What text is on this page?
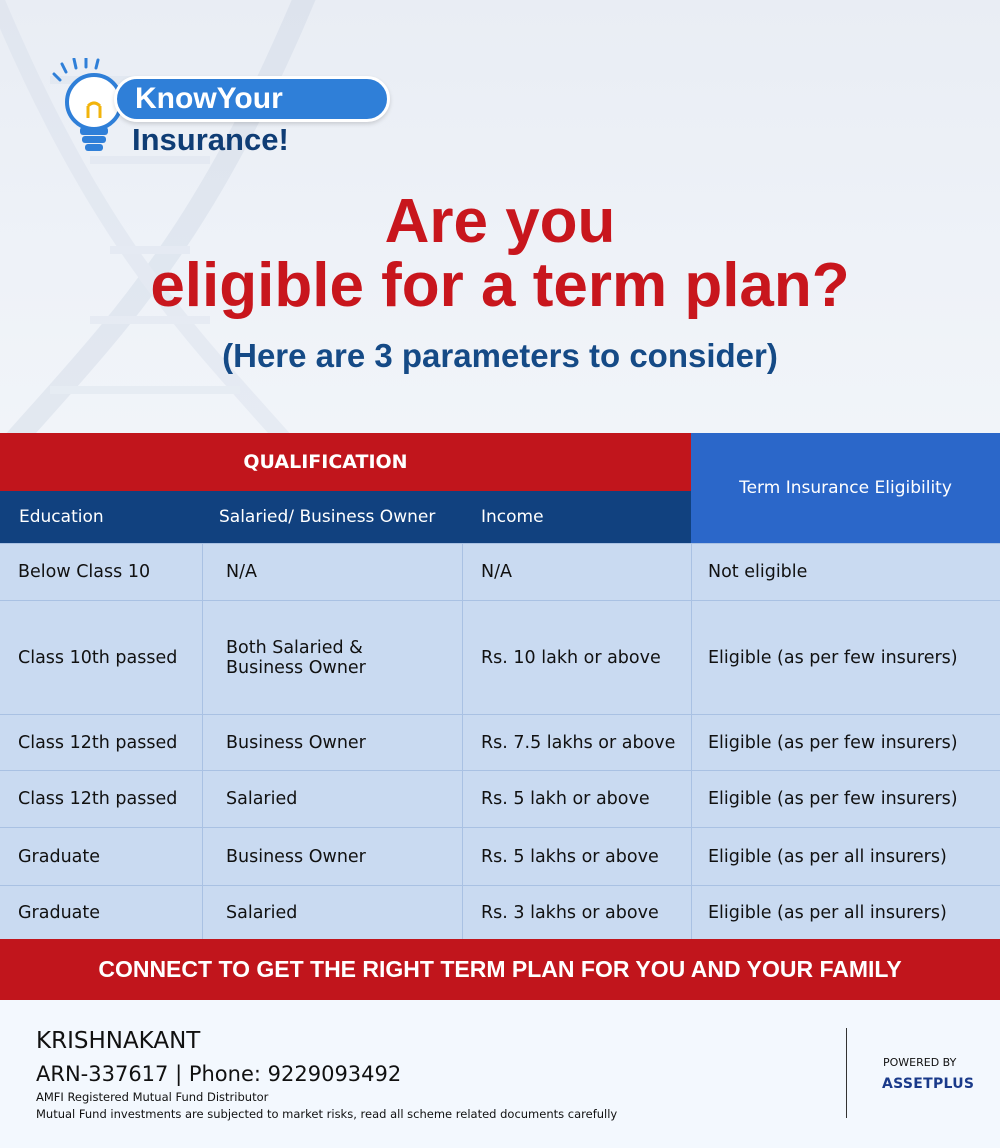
KnowYour
Insurance!
Are you
eligible for a term plan?
(Here are 3 parameters to consider)
QUALIFICATION
Term Insurance Eligibility
Education	Salaried/ Business Owner	Income
Below Class 10	N/A	N/A	Not eligible
Class 10th passed	Both Salaried & Business Owner	Rs. 10 lakh or above	Eligible (as per few insurers)
Class 12th passed	Business Owner	Rs. 7.5 lakhs or above	Eligible (as per few insurers)
Class 12th passed	Salaried	Rs. 5 lakh or above	Eligible (as per few insurers)
Graduate	Business Owner	Rs. 5 lakhs or above	Eligible (as per all insurers)
Graduate	Salaried	Rs. 3 lakhs or above	Eligible (as per all insurers)
CONNECT TO GET THE RIGHT TERM PLAN FOR YOU AND YOUR FAMILY
KRISHNAKANT
ARN-337617 | Phone: 9229093492
AMFI Registered Mutual Fund Distributor
Mutual Fund investments are subjected to market risks, read all scheme related documents carefully
POWERED BY
ASSETPLUS
